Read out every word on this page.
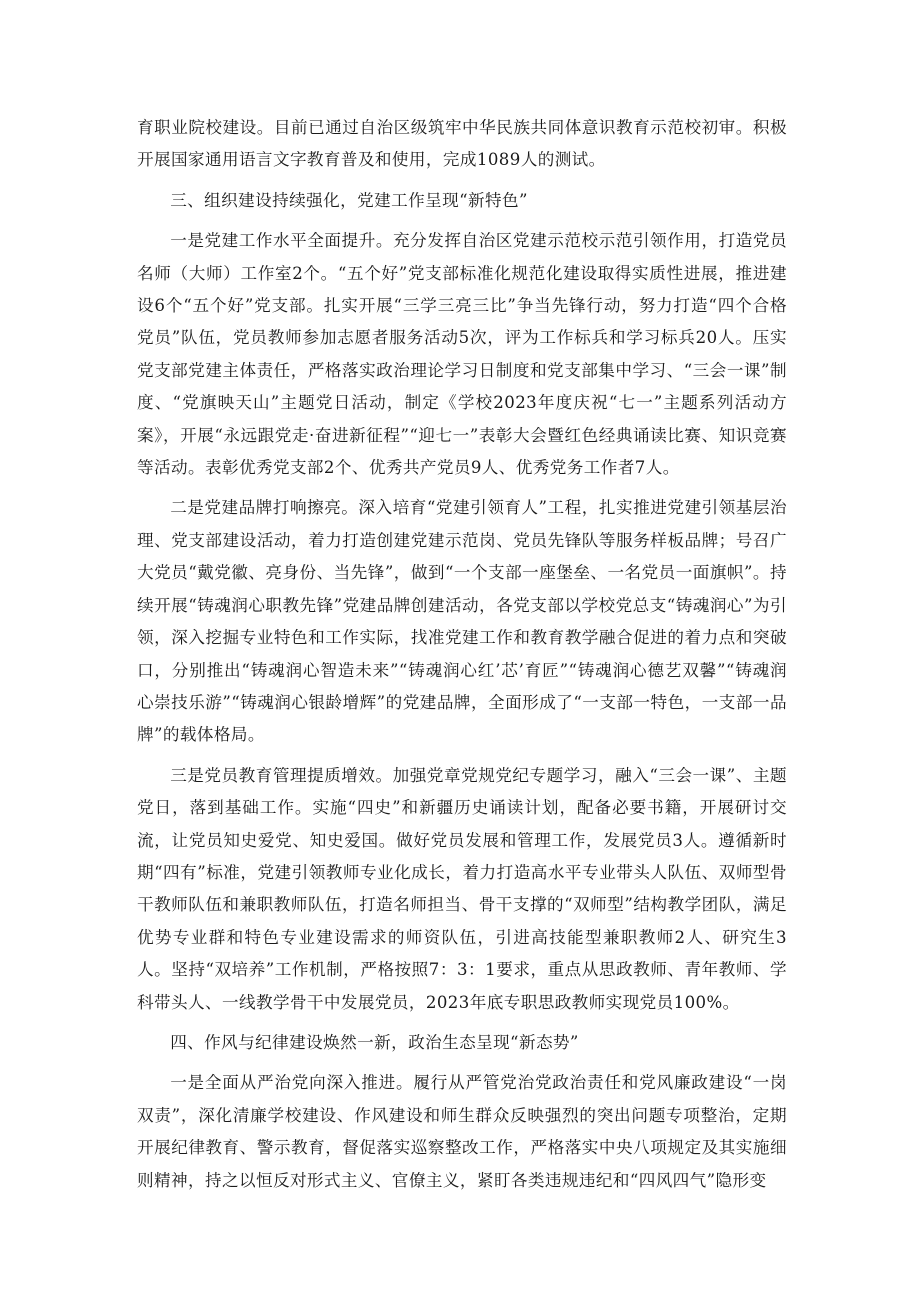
育职业院校建设。目前已通过自治区级筑牢中华民族共同体意识教育示范校初审。积极开展国家通用语言文字教育普及和使用，完成1089人的测试。

三、组织建设持续强化，党建工作呈现“新特色”

一是党建工作水平全面提升。充分发挥自治区党建示范校示范引领作用，打造党员名师（大师）工作室2个。“五个好”党支部标准化规范化建设取得实质性进展，推进建设6个“五个好”党支部。扎实开展“三学三亮三比”争当先锋行动，努力打造“四个合格党员”队伍，党员教师参加志愿者服务活动5次，评为工作标兵和学习标兵20人。压实党支部党建主体责任，严格落实政治理论学习日制度和党支部集中学习、“三会一课”制度、“党旗映天山”主题党日活动，制定《学校2023年度庆祝“七一”主题系列活动方案》，开展“永远跟党走·奋进新征程”“迎七一”表彰大会暨红色经典诵读比赛、知识竞赛等活动。表彰优秀党支部2个、优秀共产党员9人、优秀党务工作者7人。

二是党建品牌打响擦亮。深入培育“党建引领育人”工程，扎实推进党建引领基层治理、党支部建设活动，着力打造创建党建示范岗、党员先锋队等服务样板品牌；号召广大党员“戴党徽、亮身份、当先锋”，做到“一个支部一座堡垒、一名党员一面旗帜”。持续开展“铸魂润心职教先锋”党建品牌创建活动，各党支部以学校党总支“铸魂润心”为引领，深入挖掘专业特色和工作实际，找准党建工作和教育教学融合促进的着力点和突破口，分别推出“铸魂润心智造未来”“铸魂润心红’芯’育匠”“铸魂润心德艺双馨”“铸魂润心崇技乐游”“铸魂润心银龄增辉”的党建品牌，全面形成了“一支部一特色，一支部一品牌”的载体格局。

三是党员教育管理提质增效。加强党章党规党纪专题学习，融入“三会一课”、主题党日，落到基础工作。实施“四史”和新疆历史诵读计划，配备必要书籍，开展研讨交流，让党员知史爱党、知史爱国。做好党员发展和管理工作，发展党员3人。遵循新时期“四有”标准，党建引领教师专业化成长，着力打造高水平专业带头人队伍、双师型骨干教师队伍和兼职教师队伍，打造名师担当、骨干支撑的“双师型”结构教学团队，满足优势专业群和特色专业建设需求的师资队伍，引进高技能型兼职教师2人、研究生3人。坚持“双培养”工作机制，严格按照7：3：1要求，重点从思政教师、青年教师、学科带头人、一线教学骨干中发展党员，2023年底专职思政教师实现党员100%。

四、作风与纪律建设焕然一新，政治生态呈现“新态势”

一是全面从严治党向深入推进。履行从严管党治党政治责任和党风廉政建设“一岗双责”，深化清廉学校建设、作风建设和师生群众反映强烈的突出问题专项整治，定期开展纪律教育、警示教育，督促落实巡察整改工作，严格落实中央八项规定及其实施细则精神，持之以恒反对形式主义、官僚主义，紧盯各类违规违纪和“四风四气”隐形变
